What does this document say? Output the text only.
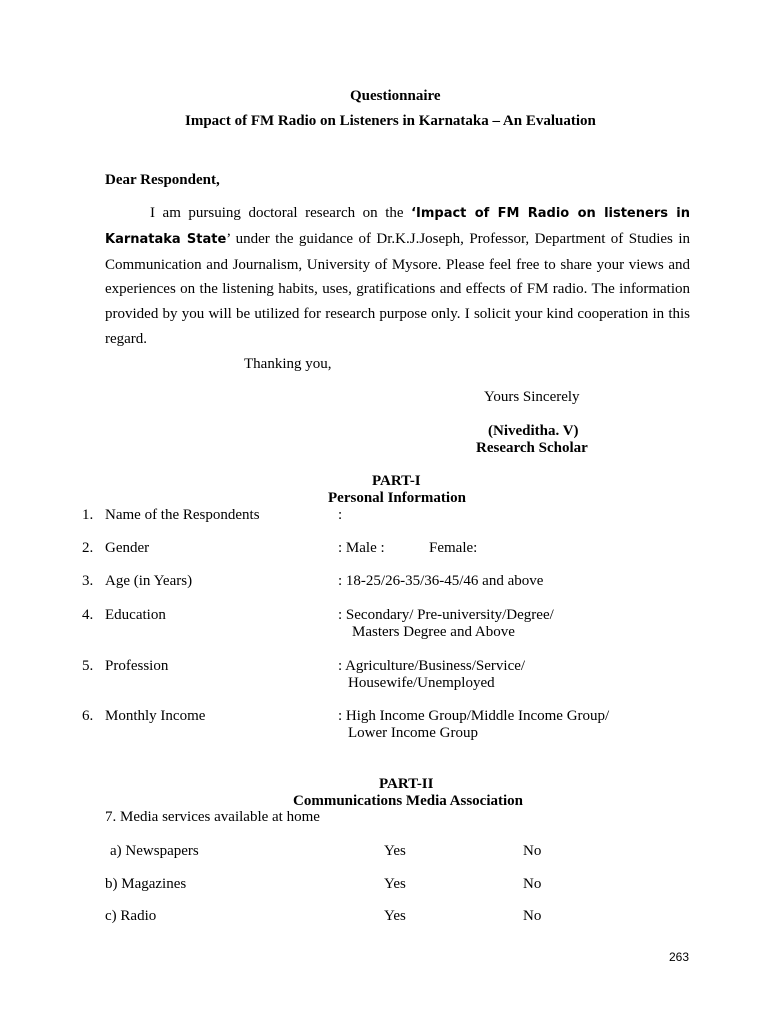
Questionnaire
Impact of FM Radio on Listeners in Karnataka – An Evaluation
Dear Respondent,
I am pursuing doctoral research on the ‘Impact of FM Radio on listeners in Karnataka State’ under the guidance of Dr.K.J.Joseph, Professor, Department of Studies in Communication and Journalism, University of Mysore. Please feel free to share your views and experiences on the listening habits, uses, gratifications and effects of FM radio. The information provided by you will be utilized for research purpose only. I solicit your kind cooperation in this regard.
Thanking you,
Yours Sincerely
(Niveditha. V)
Research Scholar
PART-I
Personal Information
1. Name of the Respondents	:
2. Gender	: Male :	Female:
3. Age (in Years)	: 18-25/26-35/36-45/46 and above
4. Education	: Secondary/ Pre-university/Degree/
Masters Degree and Above
5. Profession	: Agriculture/Business/Service/
Housewife/Unemployed
6. Monthly Income	: High Income Group/Middle Income Group/
Lower Income Group
PART-II
Communications Media Association
7. Media services available at home
a) Newspapers	Yes	No
b) Magazines	Yes	No
c) Radio	Yes	No
263
